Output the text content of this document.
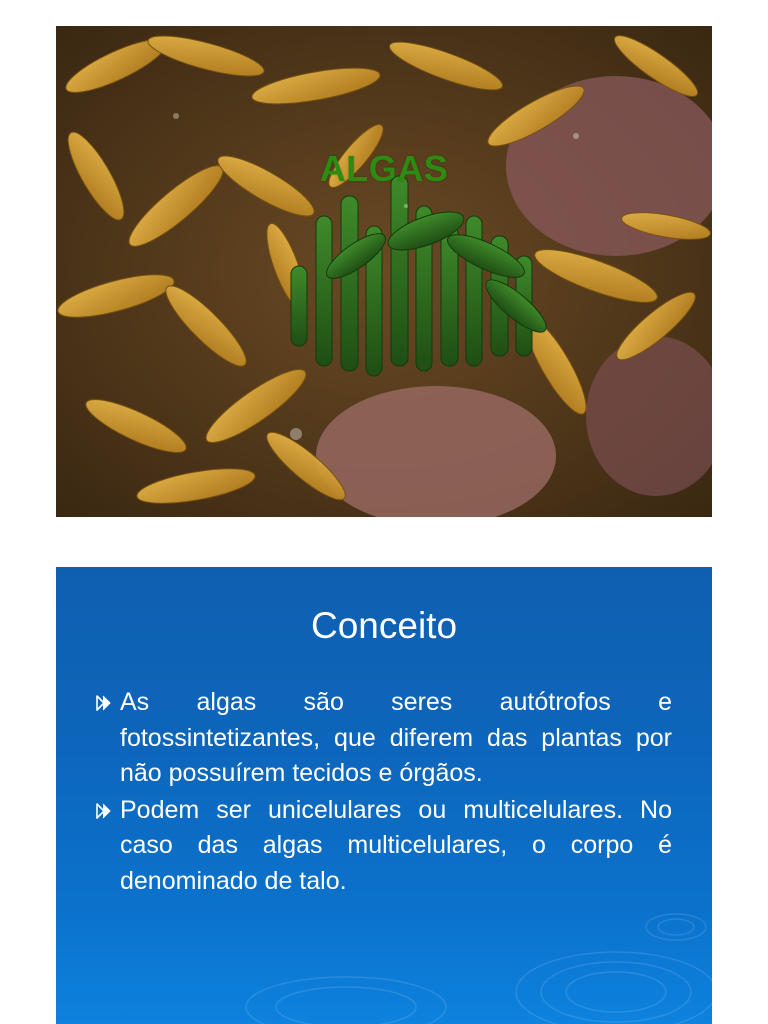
ALGAS
Conceito
As algas são seres autótrofos e fotossintetizantes, que diferem das plantas por não possuírem tecidos e órgãos.
Podem ser unicelulares ou multicelulares. No caso das algas multicelulares, o corpo é denominado de talo.
